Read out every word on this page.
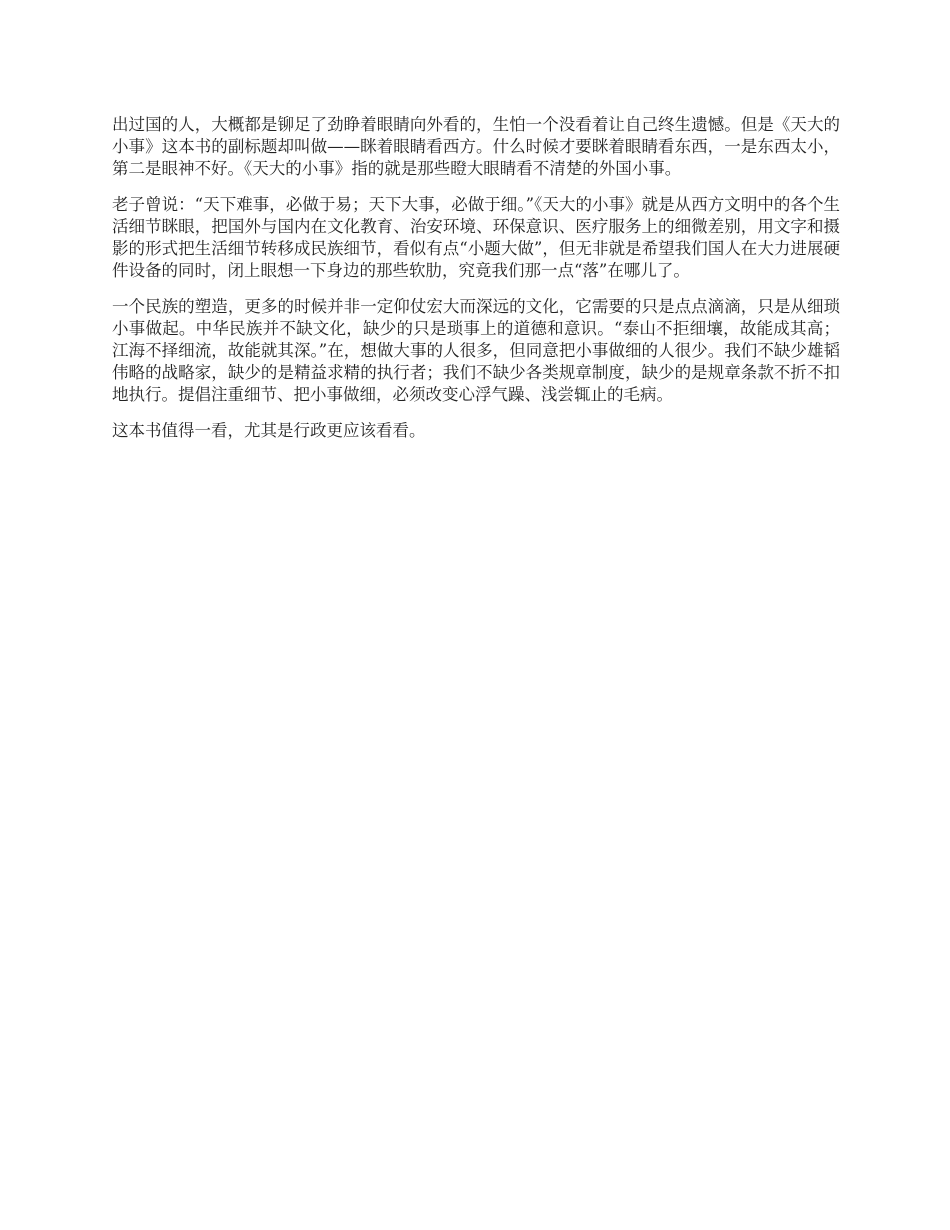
出过国的人，大概都是铆足了劲睁着眼睛向外看的，生怕一个没看着让自己终生遗憾。但是《天大的小事》这本书的副标题却叫做——眯着眼睛看西方。什么时候才要眯着眼睛看东西，一是东西太小，第二是眼神不好。《天大的小事》指的就是那些瞪大眼睛看不清楚的外国小事。

老子曾说：“天下难事，必做于易；天下大事，必做于细。”《天大的小事》就是从西方文明中的各个生活细节眯眼，把国外与国内在文化教育、治安环境、环保意识、医疗服务上的细微差别，用文字和摄影的形式把生活细节转移成民族细节，看似有点“小题大做”，但无非就是希望我们国人在大力进展硬件设备的同时，闭上眼想一下身边的那些软肋，究竟我们那一点“落”在哪儿了。

一个民族的塑造，更多的时候并非一定仰仗宏大而深远的文化，它需要的只是点点滴滴，只是从细琐小事做起。中华民族并不缺文化，缺少的只是琐事上的道德和意识。“泰山不拒细壤，故能成其高；江海不择细流，故能就其深。”在，想做大事的人很多，但同意把小事做细的人很少。我们不缺少雄韬伟略的战略家，缺少的是精益求精的执行者；我们不缺少各类规章制度，缺少的是规章条款不折不扣地执行。提倡注重细节、把小事做细，必须改变心浮气躁、浅尝辄止的毛病。

这本书值得一看，尤其是行政更应该看看。
